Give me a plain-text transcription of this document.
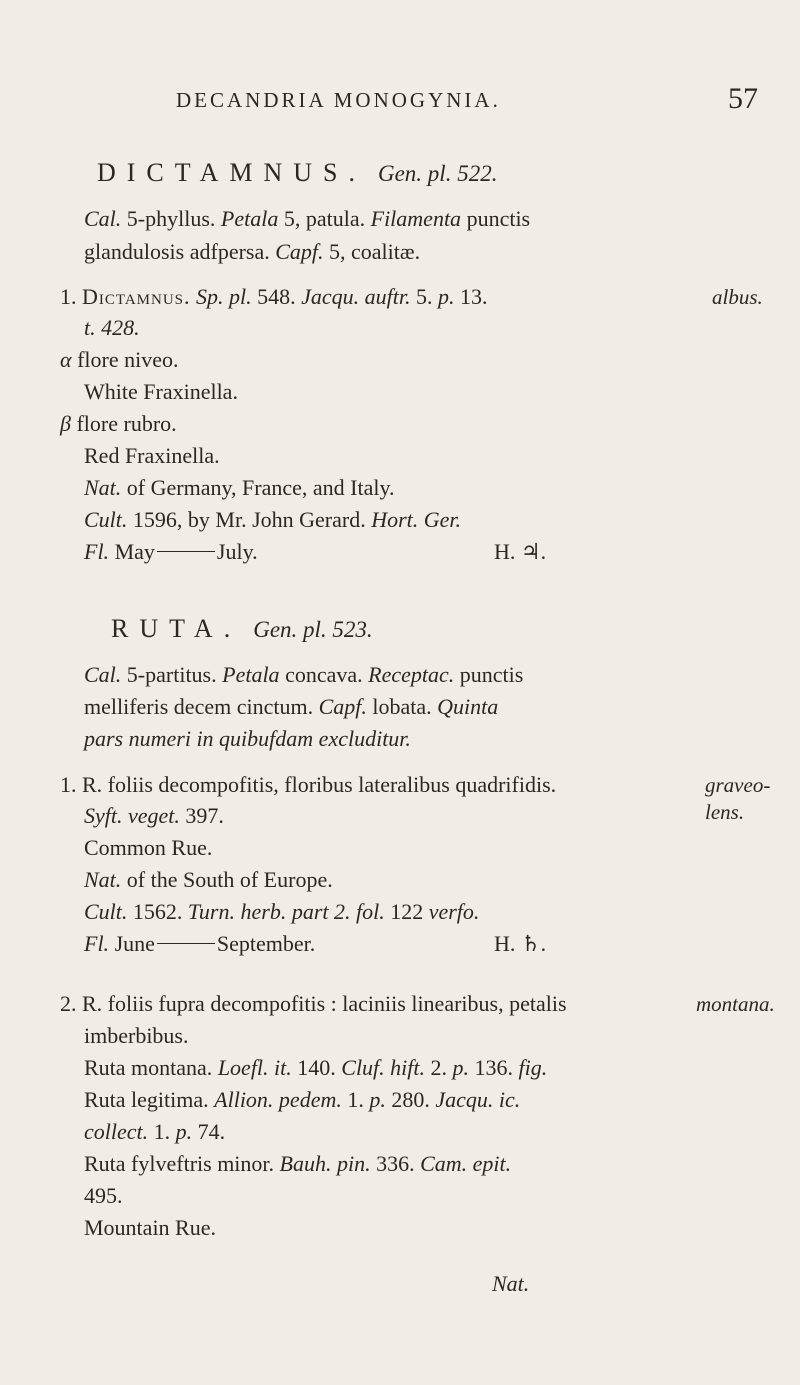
DECANDRIA MONOGYNIA.	57
DICTAMNUS. Gen. pl. 522.
Cal. 5-phyllus. Petala 5, patula. Filamenta punctis
glandulosis adfpersa. Capf. 5, coalitæ.
1. Dictamnus. Sp. pl. 548. Jacqu. auftr. 5. p. 13.	albus.
t. 428.
α flore niveo.
White Fraxinella.
β flore rubro.
Red Fraxinella.
Nat. of Germany, France, and Italy.
Cult. 1596, by Mr. John Gerard. Hort. Ger.
Fl. May	July.	H. ♃.
RUTA. Gen. pl. 523.
Cal. 5-partitus. Petala concava. Receptac. punctis
melliferis decem cinctum. Capf. lobata. Quinta
pars numeri in quibufdam excluditur.
1. R. foliis decompofitis, floribus lateralibus quadrifidis.	graveo-
lens.
Syft. veget. 397.
Common Rue.
Nat. of the South of Europe.
Cult. 1562. Turn. herb. part 2. fol. 122 verfo.
Fl. June	September.	H. ♄.
2. R. foliis fupra decompofitis : laciniis linearibus, petalis	montana.
imberbibus.
Ruta montana. Loefl. it. 140. Cluf. hift. 2. p. 136. fig.
Ruta legitima. Allion. pedem. 1. p. 280. Jacqu. ic.
collect. 1. p. 74.
Ruta fylveftris minor. Bauh. pin. 336. Cam. epit.
495.
Mountain Rue.
Nat.
